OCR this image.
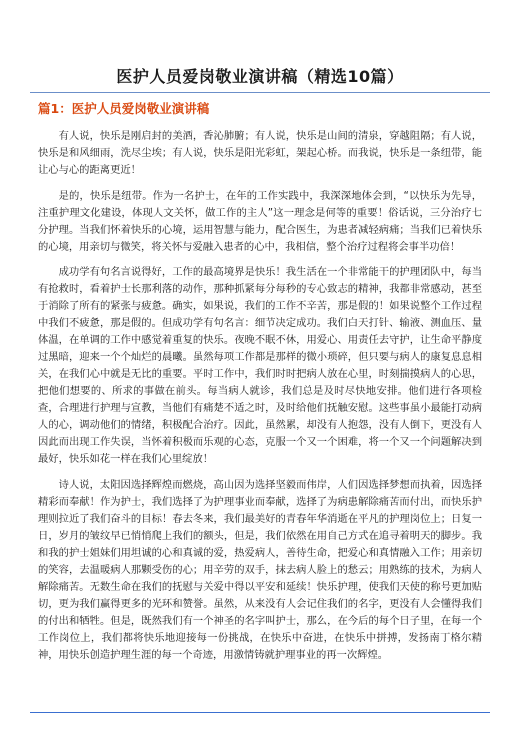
医护人员爱岗敬业演讲稿（精选10篇）
篇1：医护人员爱岗敬业演讲稿

有人说，快乐是刚启封的美酒，香沁肺腑；有人说，快乐是山间的清泉，穿越阻隔；有人说，快乐是和风细雨，洗尽尘埃；有人说，快乐是阳光彩虹，架起心桥。而我说，快乐是一条纽带，能让心与心的距离更近！

是的，快乐是纽带。作为一名护士，在年的工作实践中，我深深地体会到，“以快乐为先导，注重护理文化建设，体现人文关怀，做工作的主人”这一理念是何等的重要！俗话说，三分治疗七分护理。当我们怀着快乐的心境，运用智慧与能力，配合医生，为患者减轻病痛；当我们已着快乐的心境，用亲切与微笑，将关怀与爱融入患者的心中，我相信，整个治疗过程将会事半功倍！

成功学有句名言说得好，工作的最高境界是快乐！我生活在一个非常能干的护理团队中，每当有抢救时，看着护士长那利落的动作，那种抓紧每分每秒的专心致志的精神，我都非常感动，甚至于消除了所有的紧张与疲惫。确实，如果说，我们的工作不辛苦，那是假的！如果说整个工作过程中我们不疲惫，那是假的。但成功学有句名言：细节决定成功。我们白天打针、输液、测血压、量体温，在单调的工作中感觉着重复的快乐。夜晚不眠不休，用爱心、用责任去守护，让生命平静度过黑暗，迎来一个个灿烂的晨曦。虽然每项工作都是那样的微小琐碎，但只要与病人的康复息息相关，在我们心中就是无比的重要。平时工作中，我们时时把病人放在心里，时刻揣摸病人的心思，把他们想要的、所求的事做在前头。每当病人就诊，我们总是及时尽快地安排。他们进行各项检查，合理进行护理与宣教，当他们有痛楚不适之时，及时给他们抚触安慰。这些事虽小最能打动病人的心，调动他们的情绪，积极配合治疗。因此，虽然累，却没有人抱怨，没有人倒下，更没有人因此而出现工作失误，当怀着积极而乐观的心态，克服一个又一个困难，将一个又一个问题解决到最好，快乐如花一样在我们心里绽放！

诗人说，太阳因选择辉煌而燃烧，高山因为选择坚毅而伟岸，人们因选择梦想而执着，因选择精彩而奉献！作为护士，我们选择了为护理事业而奉献，选择了为病患解除痛苦而付出，而快乐护理则拉近了我们奋斗的目标！春去冬来，我们最美好的青春年华消逝在平凡的护理岗位上；日复一日，岁月的皱纹早已悄悄爬上我们的额头，但是，我们依然在用自己方式在追寻着明天的脚步。我和我的护士姐妹们用坦诚的心和真诚的爱，热爱病人，善待生命，把爱心和真情融入工作；用亲切的笑容，去温暖病人那颗受伤的心；用辛劳的双手，抹去病人脸上的愁云；用熟练的技术，为病人解除痛苦。无数生命在我们的抚慰与关爱中得以平安和延续！快乐护理，使我们天使的称号更加贴切，更为我们赢得更多的光环和赞誉。虽然，从来没有人会记住我们的名字，更没有人会懂得我们的付出和牺牲。但是，既然我们有一个神圣的名字叫护士，那么，在今后的每个日子里，在每一个工作岗位上，我们都将快乐地迎接每一份挑战，在快乐中奋进，在快乐中拼搏，发扬南丁格尔精神，用快乐创造护理生涯的每一个奇迹，用激情铸就护理事业的再一次辉煌。
